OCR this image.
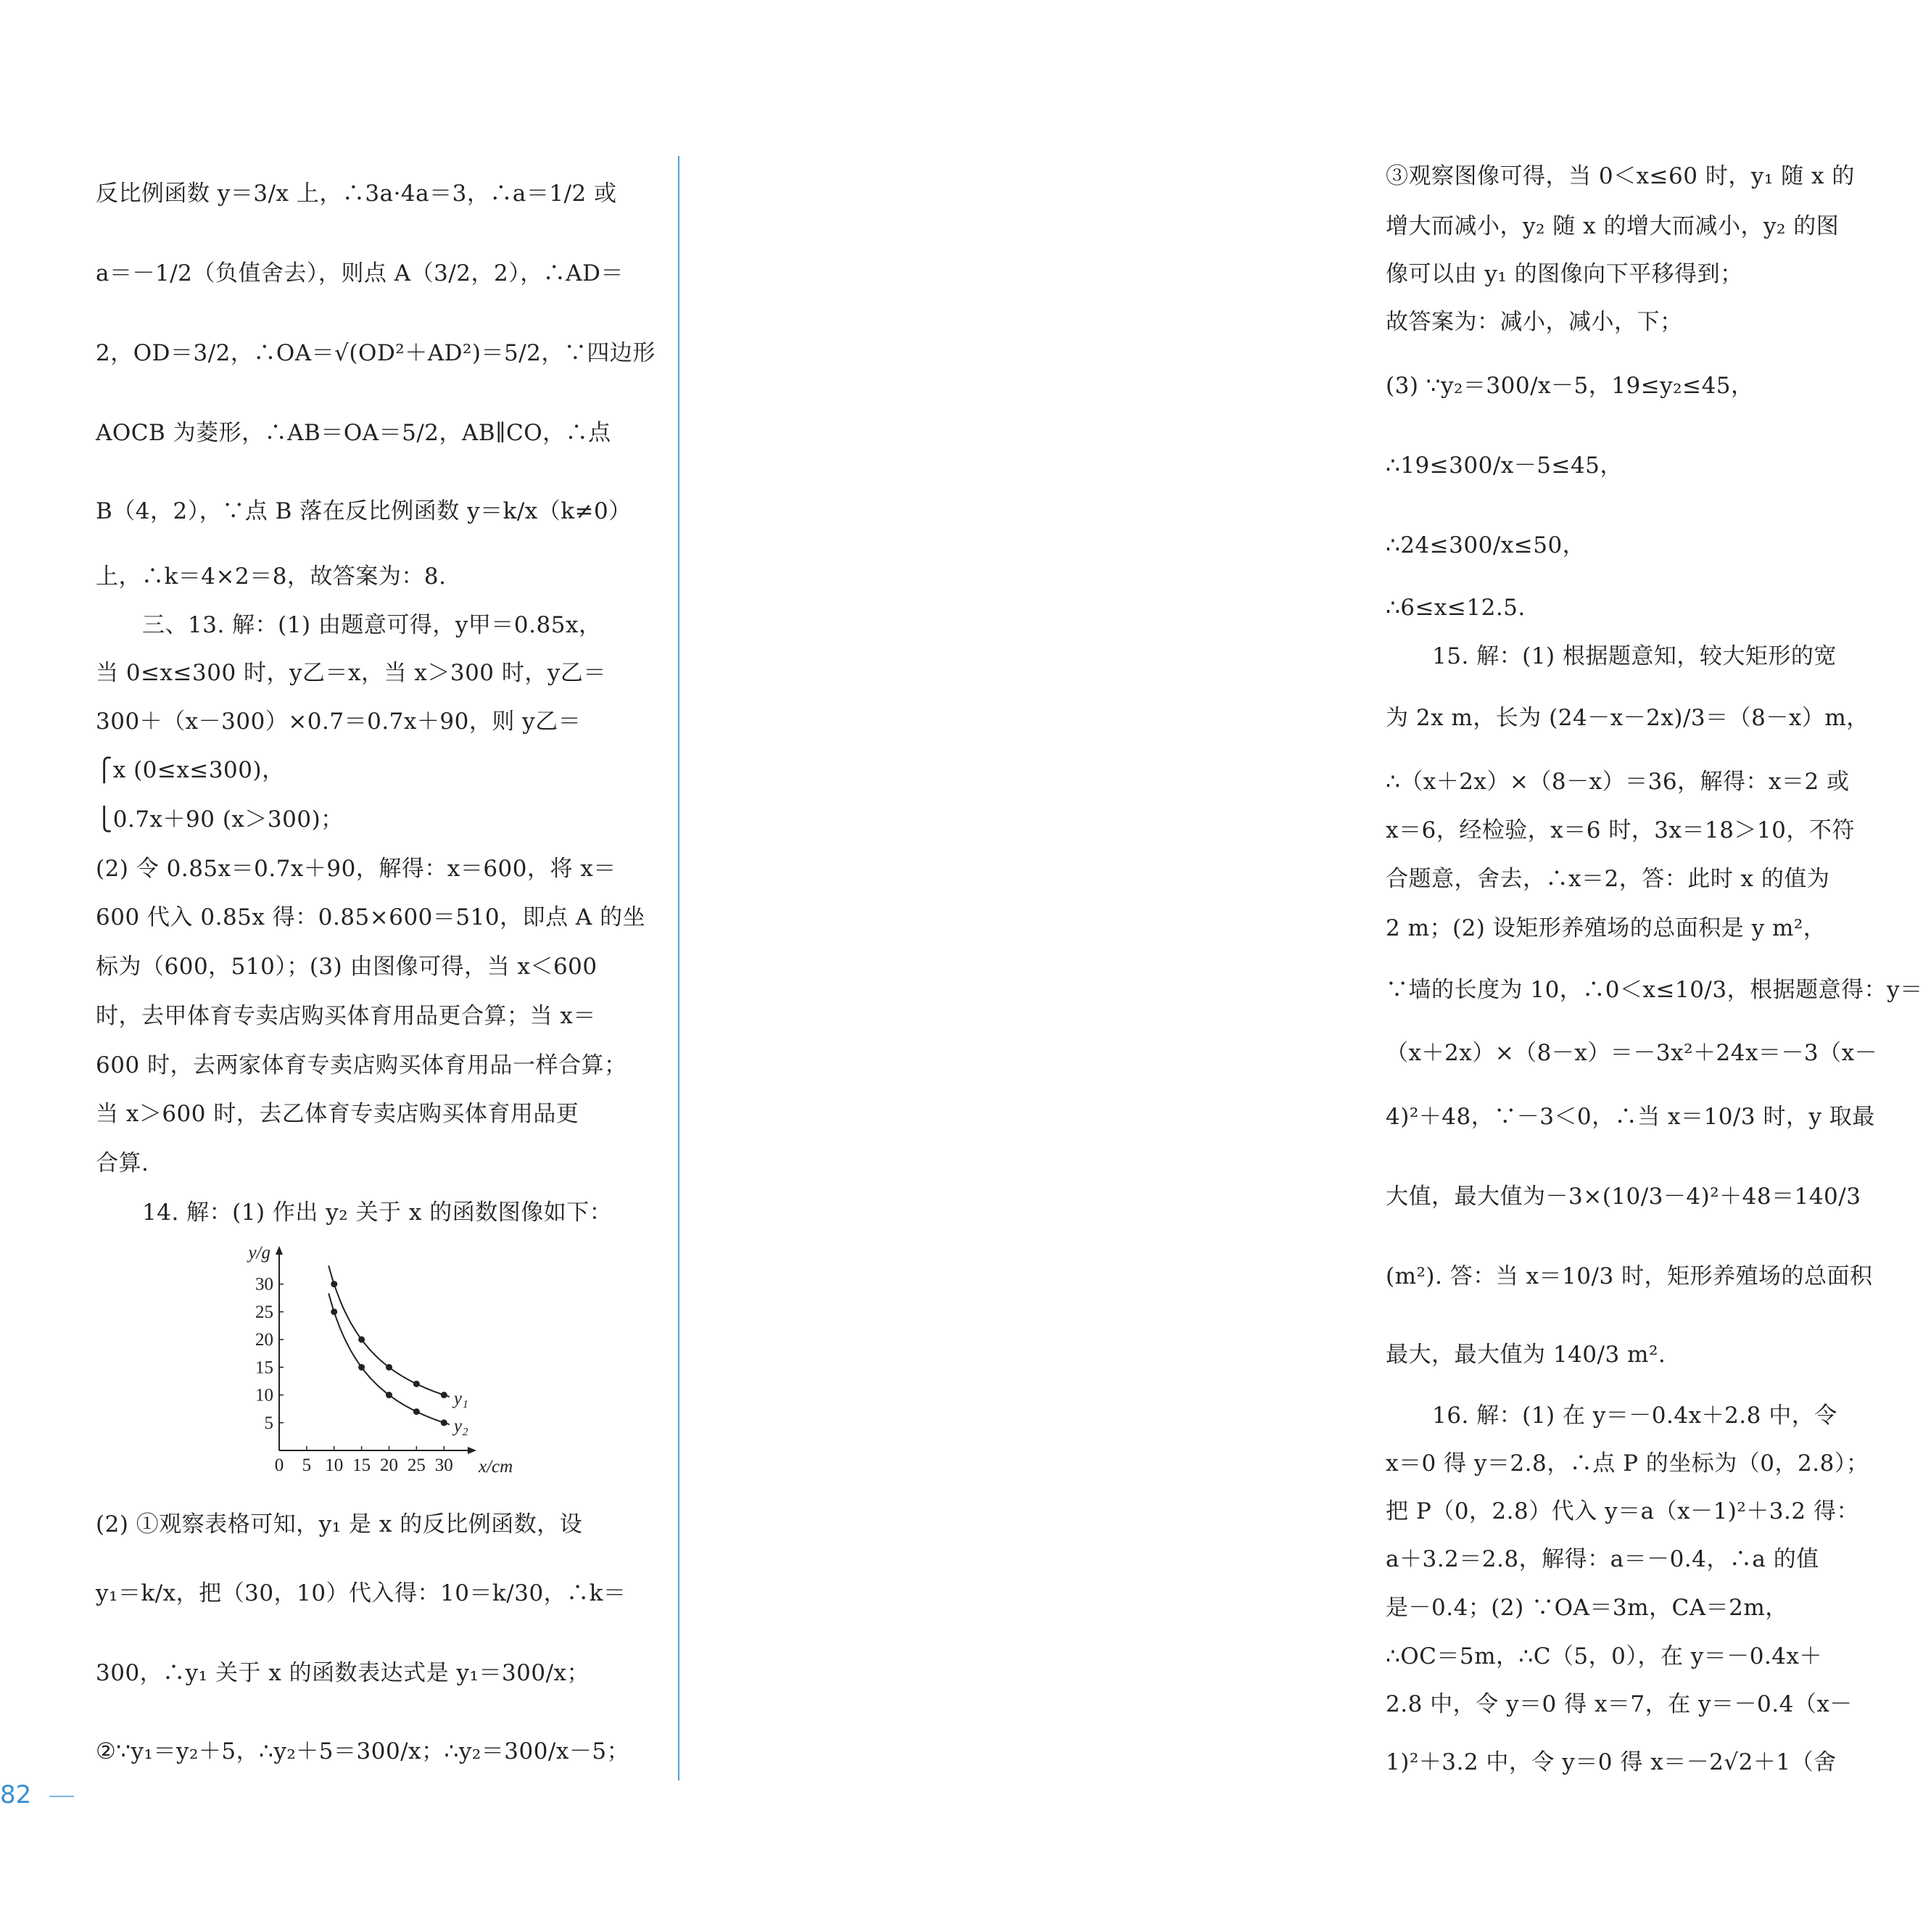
反比例函数 y＝3/x 上，∴3a·4a＝3，∴a＝1/2 或
a＝－1/2（负值舍去），则点 A（3/2，2），∴AD＝
2，OD＝3/2，∴OA＝√(OD²＋AD²)＝5/2，∵四边形
AOCB 为菱形，∴AB＝OA＝5/2，AB∥CO，∴点
B（4，2），∵点 B 落在反比例函数 y＝k/x（k≠0）
上，∴k＝4×2＝8，故答案为：8.
三、13. 解：(1) 由题意可得，y甲＝0.85x，
当 0≤x≤300 时，y乙＝x，当 x＞300 时，y乙＝
300＋（x－300）×0.7＝0.7x＋90，则 y乙＝
⎧x (0≤x≤300)，
⎩0.7x＋90 (x＞300)；
(2) 令 0.85x＝0.7x＋90，解得：x＝600，将 x＝
600 代入 0.85x 得：0.85×600＝510，即点 A 的坐
标为（600，510）；(3) 由图像可得，当 x＜600
时，去甲体育专卖店购买体育用品更合算；当 x＝
600 时，去两家体育专卖店购买体育用品一样合算；
当 x＞600 时，去乙体育专卖店购买体育用品更
合算.
14. 解：(1) 作出 y₂ 关于 x 的函数图像如下：
0 5 10 15 20 25 30
5
10
15
20
25
30
x/cm
y/g
y₁
y₂
(2) ①观察表格可知，y₁ 是 x 的反比例函数，设
y₁＝k/x，把（30，10）代入得：10＝k/30，∴k＝
300，∴y₁ 关于 x 的函数表达式是 y₁＝300/x；
②∵y₁＝y₂＋5，∴y₂＋5＝300/x；∴y₂＝300/x－5；
③观察图像可得，当 0＜x≤60 时，y₁ 随 x 的
增大而减小，y₂ 随 x 的增大而减小，y₂ 的图
像可以由 y₁ 的图像向下平移得到；
故答案为：减小，减小，下；
(3) ∵y₂＝300/x－5，19≤y₂≤45，
∴19≤300/x－5≤45，
∴24≤300/x≤50，
∴6≤x≤12.5.
15. 解：(1) 根据题意知，较大矩形的宽
为 2x m，长为 (24－x－2x)/3＝（8－x）m，
∴（x＋2x）×（8－x）＝36，解得：x＝2 或
x＝6，经检验，x＝6 时，3x＝18＞10，不符
合题意，舍去，∴x＝2，答：此时 x 的值为
2 m；(2) 设矩形养殖场的总面积是 y m²，
∵墙的长度为 10，∴0＜x≤10/3，根据题意得：y＝
（x＋2x）×（8－x）＝－3x²＋24x＝－3（x－
4)²＋48，∵－3＜0，∴当 x＝10/3 时，y 取最
大值，最大值为－3×(10/3－4)²＋48＝140/3
(m²). 答：当 x＝10/3 时，矩形养殖场的总面积
最大，最大值为 140/3 m².
16. 解：(1) 在 y＝－0.4x＋2.8 中，令
x＝0 得 y＝2.8，∴点 P 的坐标为（0，2.8）；
把 P（0，2.8）代入 y＝a（x－1)²＋3.2 得：
a＋3.2＝2.8，解得：a＝－0.4，∴a 的值
是－0.4；(2) ∵OA＝3m，CA＝2m，
∴OC＝5m，∴C（5，0），在 y＝－0.4x＋
2.8 中，令 y＝0 得 x＝7，在 y＝－0.4（x－
1)²＋3.2 中，令 y＝0 得 x＝－2√2＋1（舍
82
